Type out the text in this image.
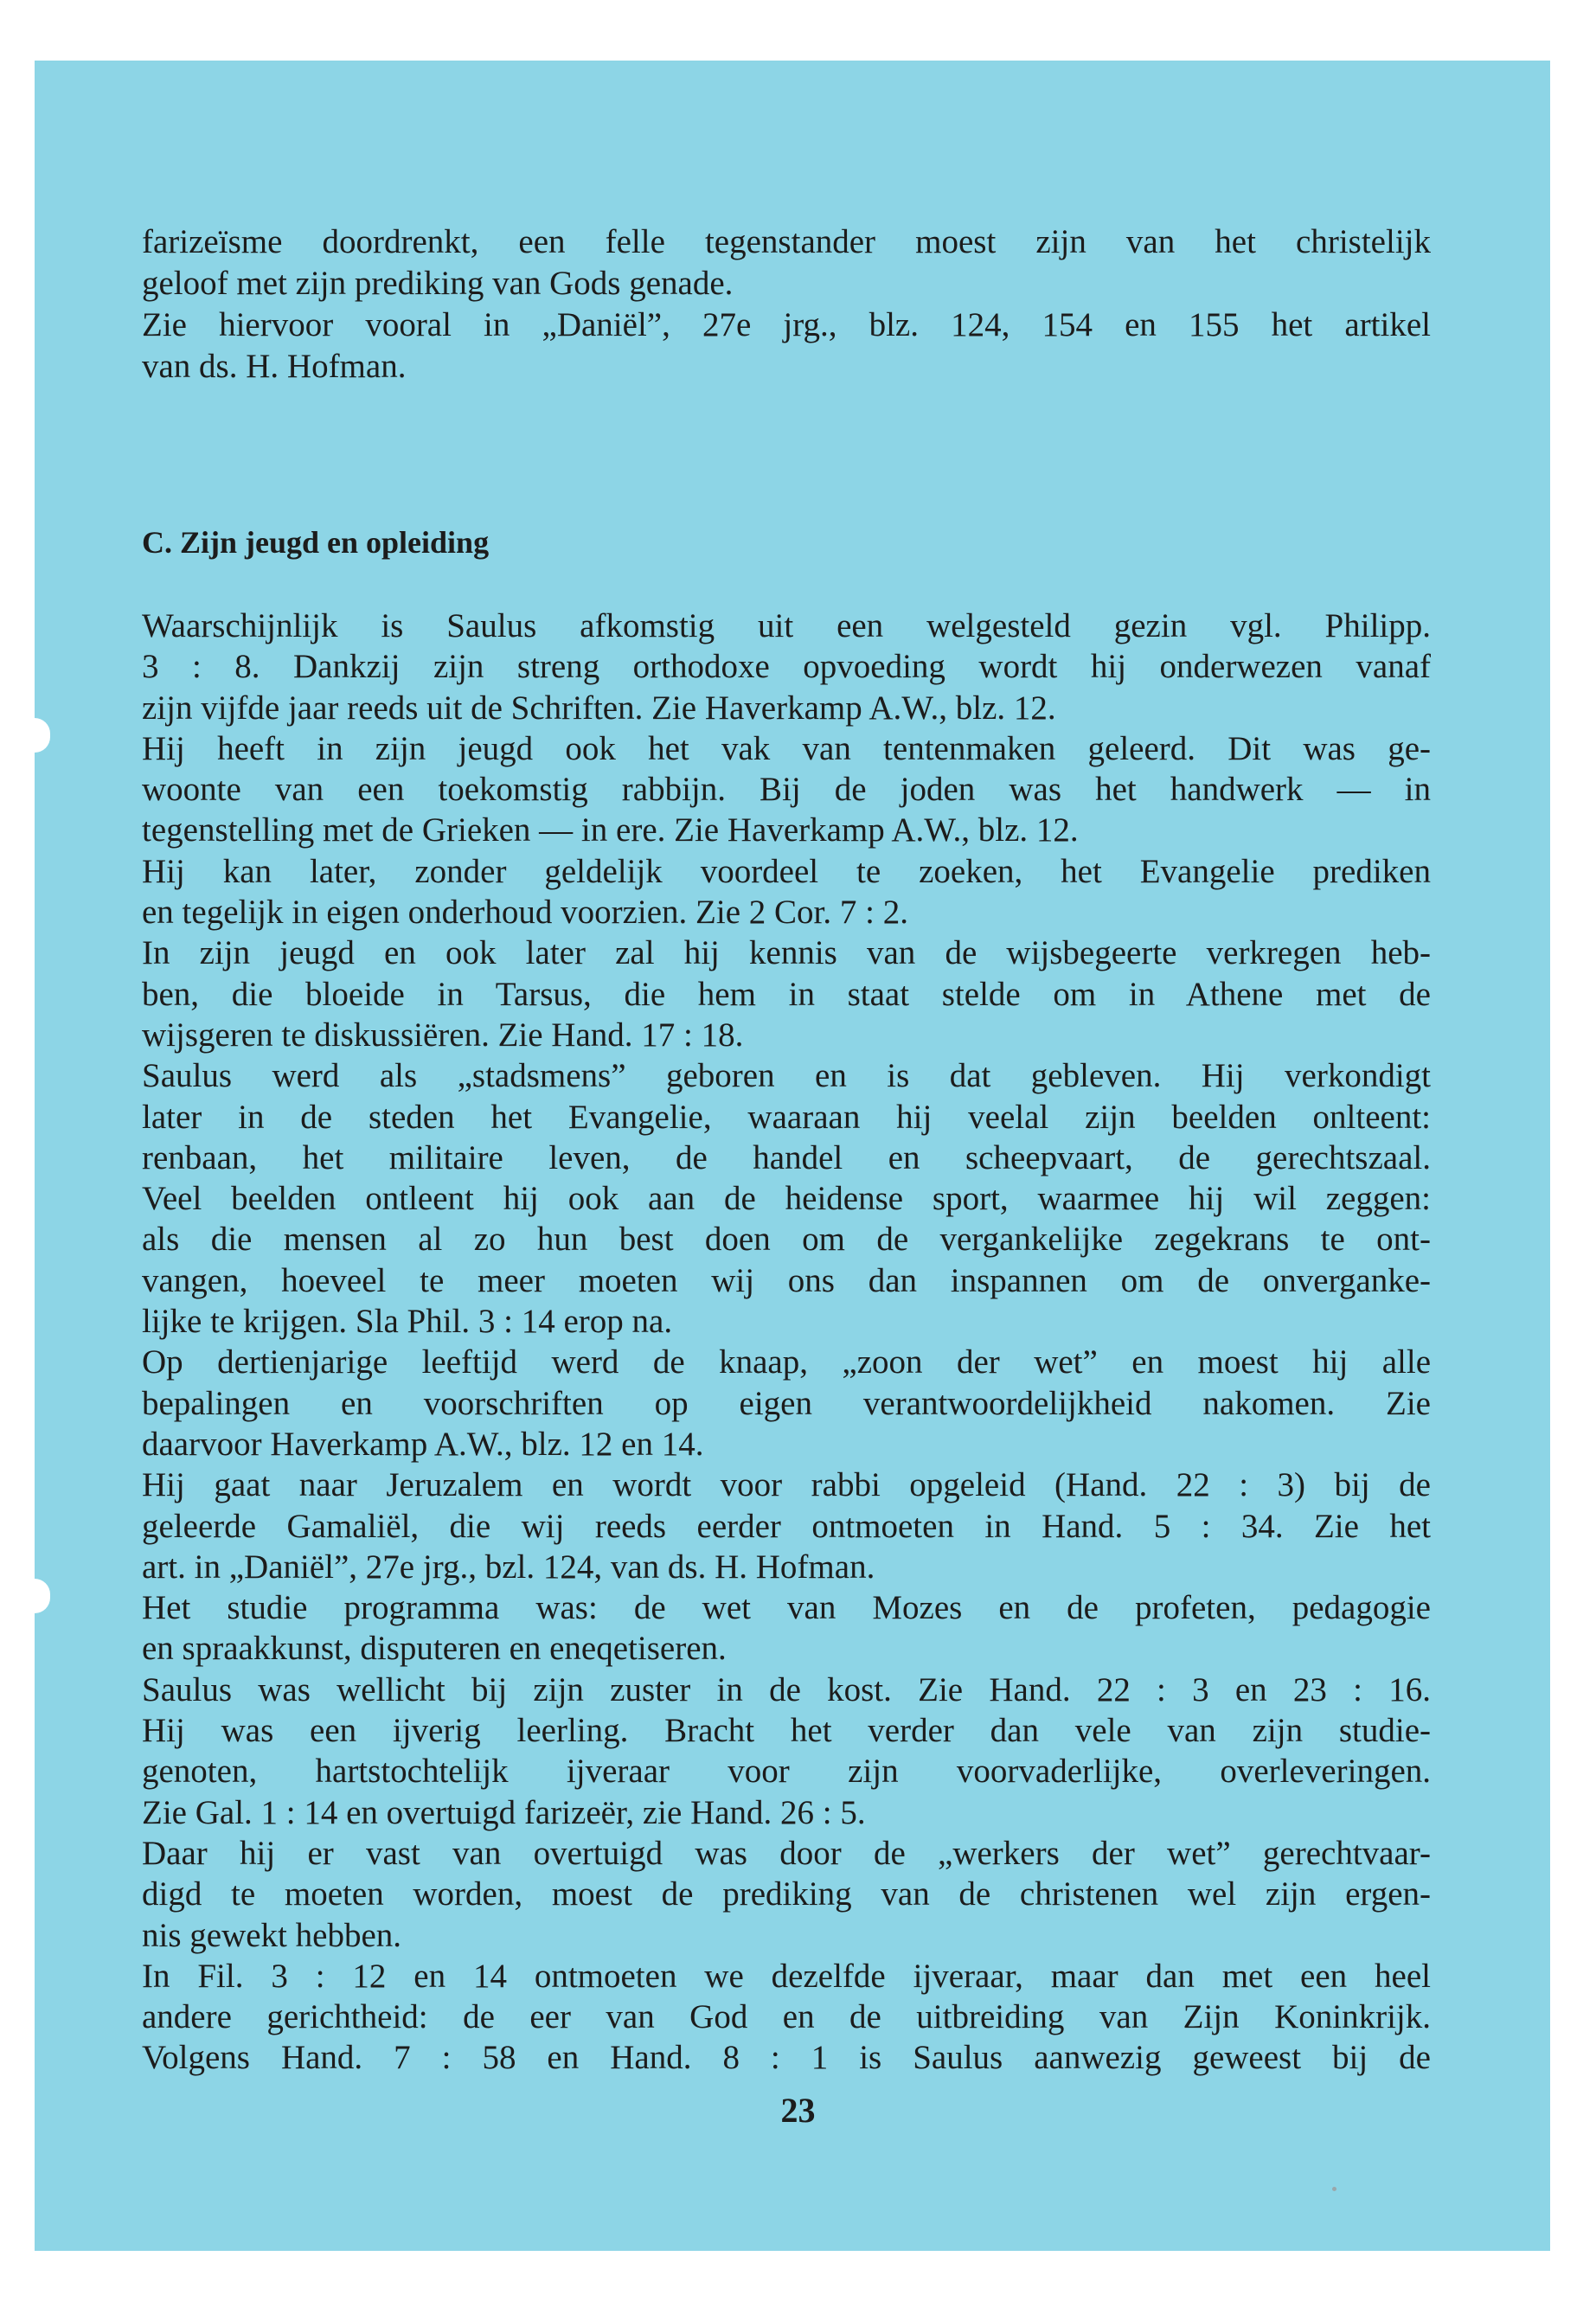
farizeïsme doordrenkt, een felle tegenstander moest zijn van het christelijk
geloof met zijn prediking van Gods genade.
Zie hiervoor vooral in „Daniël”, 27e jrg., blz. 124, 154 en 155 het artikel
van ds. H. Hofman.
C. Zijn jeugd en opleiding
Waarschijnlijk is Saulus afkomstig uit een welgesteld gezin vgl. Philipp.
3 : 8. Dankzij zijn streng orthodoxe opvoeding wordt hij onderwezen vanaf
zijn vijfde jaar reeds uit de Schriften. Zie Haverkamp A.W., blz. 12.
Hij heeft in zijn jeugd ook het vak van tentenmaken geleerd. Dit was ge-
woonte van een toekomstig rabbijn. Bij de joden was het handwerk — in
tegenstelling met de Grieken — in ere. Zie Haverkamp A.W., blz. 12.
Hij kan later, zonder geldelijk voordeel te zoeken, het Evangelie prediken
en tegelijk in eigen onderhoud voorzien. Zie 2 Cor. 7 : 2.
In zijn jeugd en ook later zal hij kennis van de wijsbegeerte verkregen heb-
ben, die bloeide in Tarsus, die hem in staat stelde om in Athene met de
wijsgeren te diskussiëren. Zie Hand. 17 : 18.
Saulus werd als „stadsmens” geboren en is dat gebleven. Hij verkondigt
later in de steden het Evangelie, waaraan hij veelal zijn beelden onlteent:
renbaan, het militaire leven, de handel en scheepvaart, de gerechtszaal.
Veel beelden ontleent hij ook aan de heidense sport, waarmee hij wil zeggen:
als die mensen al zo hun best doen om de vergankelijke zegekrans te ont-
vangen, hoeveel te meer moeten wij ons dan inspannen om de onverganke-
lijke te krijgen. Sla Phil. 3 : 14 erop na.
Op dertienjarige leeftijd werd de knaap, „zoon der wet” en moest hij alle
bepalingen en voorschriften op eigen verantwoordelijkheid nakomen. Zie
daarvoor Haverkamp A.W., blz. 12 en 14.
Hij gaat naar Jeruzalem en wordt voor rabbi opgeleid (Hand. 22 : 3) bij de
geleerde Gamaliël, die wij reeds eerder ontmoeten in Hand. 5 : 34. Zie het
art. in „Daniël”, 27e jrg., bzl. 124, van ds. H. Hofman.
Het studie programma was: de wet van Mozes en de profeten, pedagogie
en spraakkunst, disputeren en eneqetiseren.
Saulus was wellicht bij zijn zuster in de kost. Zie Hand. 22 : 3 en 23 : 16.
Hij was een ijverig leerling. Bracht het verder dan vele van zijn studie-
genoten, hartstochtelijk ijveraar voor zijn voorvaderlijke, overleveringen.
Zie Gal. 1 : 14 en overtuigd farizeër, zie Hand. 26 : 5.
Daar hij er vast van overtuigd was door de „werkers der wet” gerechtvaar-
digd te moeten worden, moest de prediking van de christenen wel zijn ergen-
nis gewekt hebben.
In Fil. 3 : 12 en 14 ontmoeten we dezelfde ijveraar, maar dan met een heel
andere gerichtheid: de eer van God en de uitbreiding van Zijn Koninkrijk.
Volgens Hand. 7 : 58 en Hand. 8 : 1 is Saulus aanwezig geweest bij de
23
